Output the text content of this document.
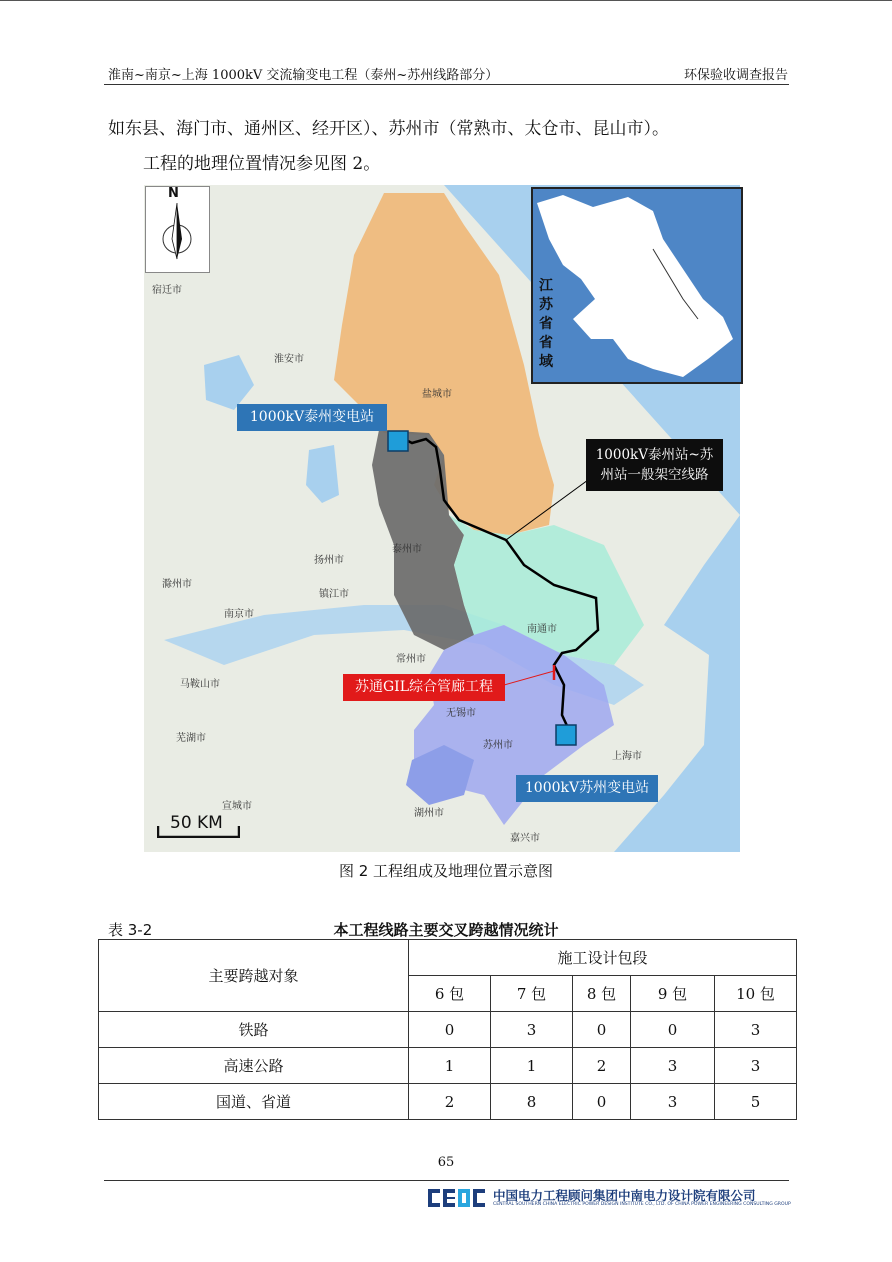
淮南~南京~上海 1000kV 交流输变电工程（泰州~苏州线路部分）	环保验收调查报告
如东县、海门市、通州区、经开区）、苏州市（常熟市、太仓市、昆山市）。
工程的地理位置情况参见图 2。
宿迁市
淮安市
盐城市
扬州市
泰州市
镇江市
南京市
常州市
南通市
无锡市
苏州市
上海市
马鞍山市
芜湖市
宣城市
湖州市
嘉兴市
滁州市
江苏省省域
N
50 KM
1000kV泰州变电站
1000kV泰州站~苏
州站一般架空线路
苏通GIL综合管廊工程
1000kV苏州变电站
图 2 工程组成及地理位置示意图
表 3-2	本工程线路主要交叉跨越情况统计
主要跨越对象	施工设计包段				
	6 包	7 包	8 包	9 包	10 包
铁路	0	3	0	0	3
高速公路	1	1	2	3	3
国道、省道	2	8	0	3	5
65
中国电力工程顾问集团中南电力设计院有限公司
CENTRAL SOUTHERN CHINA ELECTRIC POWER DESIGN INSTITUTE CO., LTD. OF CHINA POWER ENGINEERING CONSULTING GROUP
